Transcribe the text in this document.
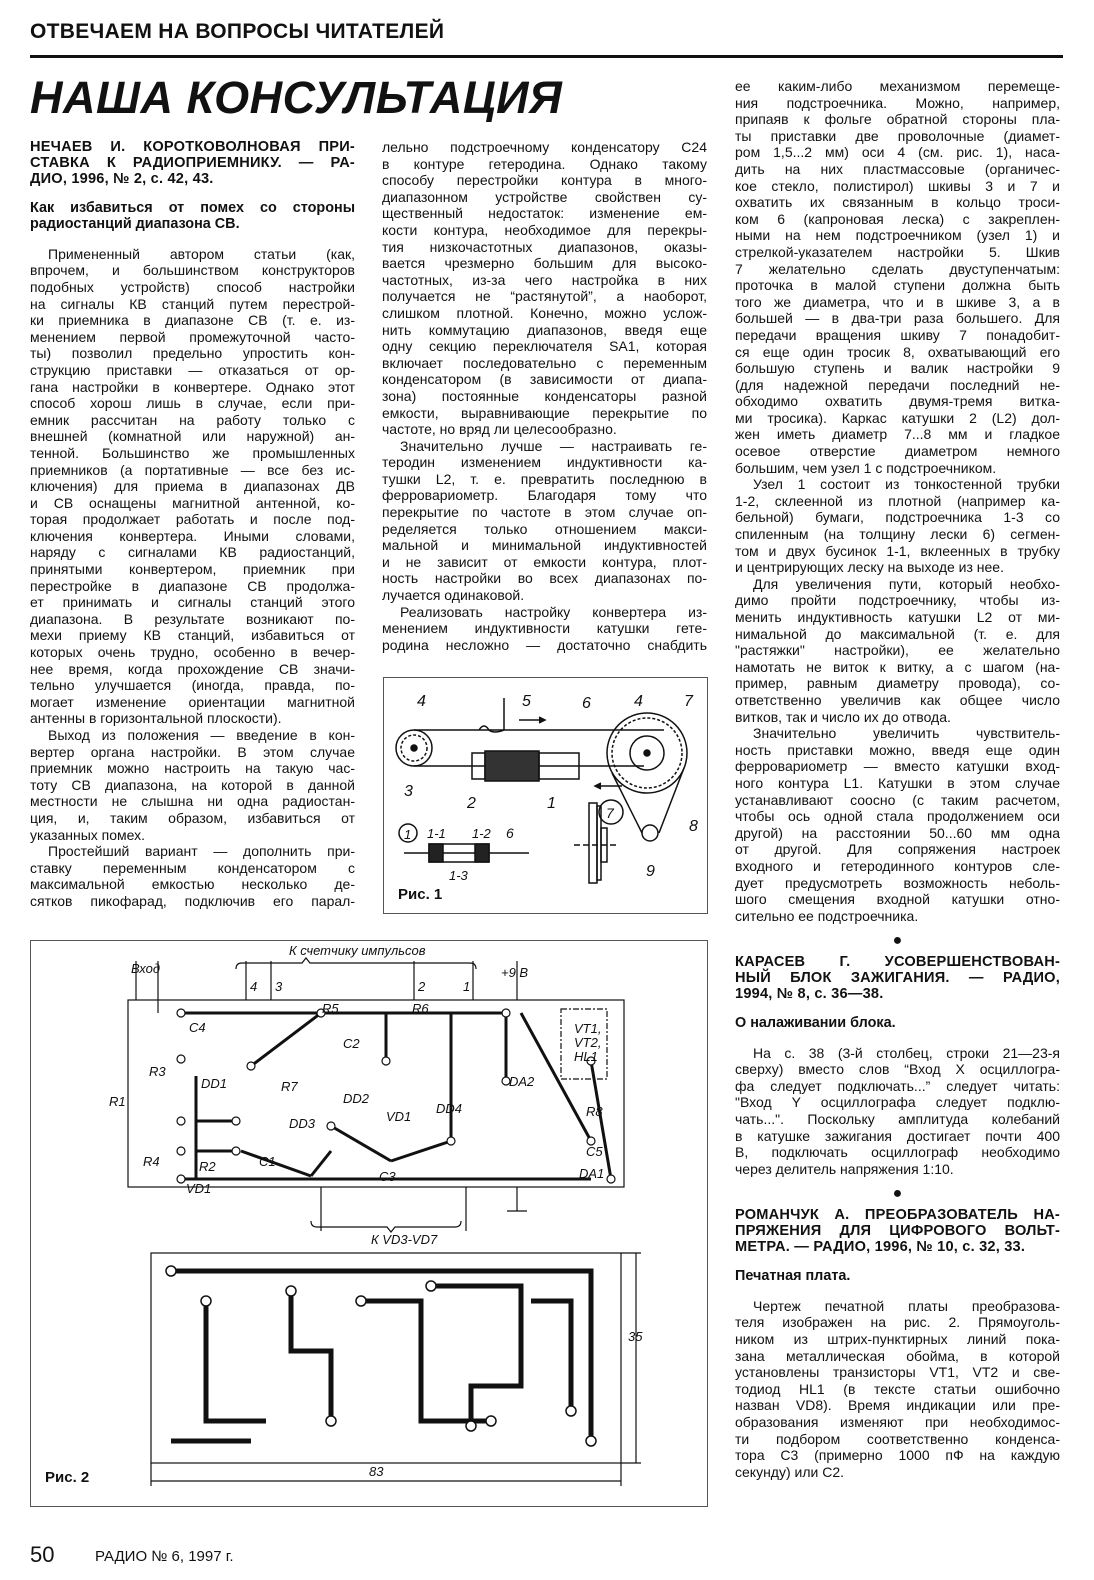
ОТВЕЧАЕМ НА ВОПРОСЫ ЧИТАТЕЛЕЙ
НАША КОНСУЛЬТАЦИЯ
НЕЧАЕВ И. КОРОТКОВОЛНОВАЯ ПРИ-
СТАВКА К РАДИОПРИЕМНИКУ. — РА-
ДИО, 1996, № 2, с. 42, 43.
Как избавиться от помех со стороны
радиостанций диапазона СВ.
Примененный автором статьи (как,
впрочем, и большинством конструкторов
подобных устройств) способ настройки
на сигналы КВ станций путем перестрой-
ки приемника в диапазоне СВ (т. е. из-
менением первой промежуточной часто-
ты) позволил предельно упростить кон-
струкцию приставки — отказаться от ор-
гана настройки в конвертере. Однако этот
способ хорош лишь в случае, если при-
емник рассчитан на работу только с
внешней (комнатной или наружной) ан-
тенной. Большинство же промышленных
приемников (а портативные — все без ис-
ключения) для приема в диапазонах ДВ
и СВ оснащены магнитной антенной, ко-
торая продолжает работать и после под-
ключения конвертера. Иными словами,
наряду с сигналами КВ радиостанций,
принятыми конвертером, приемник при
перестройке в диапазоне СВ продолжа-
ет принимать и сигналы станций этого
диапазона. В результате возникают по-
мехи приему КВ станций, избавиться от
которых очень трудно, особенно в вечер-
нее время, когда прохождение СВ значи-
тельно улучшается (иногда, правда, по-
могает изменение ориентации магнитной
антенны в горизонтальной плоскости).
Выход из положения — введение в кон-
вертер органа настройки. В этом случае
приемник можно настроить на такую час-
тоту СВ диапазона, на которой в данной
местности не слышна ни одна радиостан-
ция, и, таким образом, избавиться от
указанных помех.
Простейший вариант — дополнить при-
ставку переменным конденсатором с
максимальной емкостью несколько де-
сятков пикофарад, подключив его парал-
лельно подстроечному конденсатору С24
в контуре гетеродина. Однако такому
способу перестройки контура в много-
диапазонном устройстве свойствен су-
щественный недостаток: изменение ем-
кости контура, необходимое для перекры-
тия низкочастотных диапазонов, оказы-
вается чрезмерно большим для высоко-
частотных, из-за чего настройка в них
получается не “растянутой”, а наоборот,
слишком плотной. Конечно, можно услож-
нить коммутацию диапазонов, введя еще
одну секцию переключателя SA1, которая
включает последовательно с переменным
конденсатором (в зависимости от диапа-
зона) постоянные конденсаторы разной
емкости, выравнивающие перекрытие по
частоте, но вряд ли целесообразно.
Значительно лучше — настраивать ге-
теродин изменением индуктивности ка-
тушки L2, т. е. превратить последнюю в
ферровариометр. Благодаря тому что
перекрытие по частоте в этом случае оп-
ределяется только отношением макси-
мальной и минимальной индуктивностей
и не зависит от емкости контура, плот-
ность настройки во всех диапазонах по-
лучается одинаковой.
Реализовать настройку конвертера из-
менением индуктивности катушки гете-
родина несложно — достаточно снабдить
ее каким-либо механизмом перемеще-
ния подстроечника. Можно, например,
припаяв к фольге обратной стороны пла-
ты приставки две проволочные (диамет-
ром 1,5...2 мм) оси 4 (см. рис. 1), наса-
дить на них пластмассовые (органичес-
кое стекло, полистирол) шкивы 3 и 7 и
охватить их связанным в кольцо троси-
ком 6 (капроновая леска) с закреплен-
ными на нем подстроечником (узел 1) и
стрелкой-указателем настройки 5. Шкив
7 желательно сделать двуступенчатым:
проточка в малой ступени должна быть
того же диаметра, что и в шкиве 3, а в
большей — в два-три раза большего. Для
передачи вращения шкиву 7 понадобит-
ся еще один тросик 8, охватывающий его
большую ступень и валик настройки 9
(для надежной передачи последний не-
обходимо охватить двумя-тремя витка-
ми тросика). Каркас катушки 2 (L2) дол-
жен иметь диаметр 7...8 мм и гладкое
осевое отверстие диаметром немного
большим, чем узел 1 с подстроечником.
Узел 1 состоит из тонкостенной трубки
1-2, склеенной из плотной (например ка-
бельной) бумаги, подстроечника 1-3 со
спиленным (на толщину лески 6) сегмен-
том и двух бусинок 1-1, вклеенных в трубку
и центрирующих леску на выходе из нее.
Для увеличения пути, который необхо-
димо пройти подстроечнику, чтобы из-
менить индуктивность катушки L2 от ми-
нимальной до максимальной (т. е. для
"растяжки" настройки), ее желательно
намотать не виток к витку, а с шагом (на-
пример, равным диаметру провода), со-
ответственно увеличив как общее число
витков, так и число их до отвода.
Значительно увеличить чувствитель-
ность приставки можно, введя еще один
ферровариометр — вместо катушки вход-
ного контура L1. Катушки в этом случае
устанавливают соосно (с таким расчетом,
чтобы ось одной стала продолжением оси
другой) на расстоянии 50...60 мм одна
от другой. Для сопряжения настроек
входного и гетеродинного контуров сле-
дует предусмотреть возможность неболь-
шого смещения входной катушки отно-
сительно ее подстроечника.
●
КАРАСЕВ Г. УСОВЕРШЕНСТВОВАН-
НЫЙ БЛОК ЗАЖИГАНИЯ. — РАДИО,
1994, № 8, с. 36—38.
О налаживании блока.
На с. 38 (3-й столбец, строки 21—23-я
сверху) вместо слов “Вход X осциллогра-
фа следует подключать...” следует читать:
"Вход Y осциллографа следует подклю-
чать...". Поскольку амплитуда колебаний
в катушке зажигания достигает почти 400
В, подключать осциллограф необходимо
через делитель напряжения 1:10.
●
РОМАНЧУК А. ПРЕОБРАЗОВАТЕЛЬ НА-
ПРЯЖЕНИЯ ДЛЯ ЦИФРОВОГО ВОЛЬТ-
МЕТРА. — РАДИО, 1996, № 10, с. 32, 33.
Печатная плата.
Чертеж печатной платы преобразова-
теля изображен на рис. 2. Прямоуголь-
ником из штрих-пунктирных линий пока-
зана металлическая обойма, в которой
установлены транзисторы VT1, VT2 и све-
тодиод HL1 (в тексте статьи ошибочно
назван VD8). Время индикации или пре-
образования изменяют при необходимос-
ти подбором соответственно конденса-
тора С3 (примерно 1000 пФ на каждую
секунду) или С2.
4
3
2	1
5	6	4	7
8
9
1 1-1 1-2 6
1-3
7
Рис. 1
Вход
К счетчику импульсов
+9 В
К VD3-VD7
4 3	2	1
C4
R5	R6
C2
R1
R3
DD1	R7
DD2
DD3	VD1
DD4
DA2
VT1,
VT2,
HL1
R8
C5
DA1
R4	R2	C1
C3
VD1
35
83
Рис. 2
50	РАДИО № 6, 1997 г.
